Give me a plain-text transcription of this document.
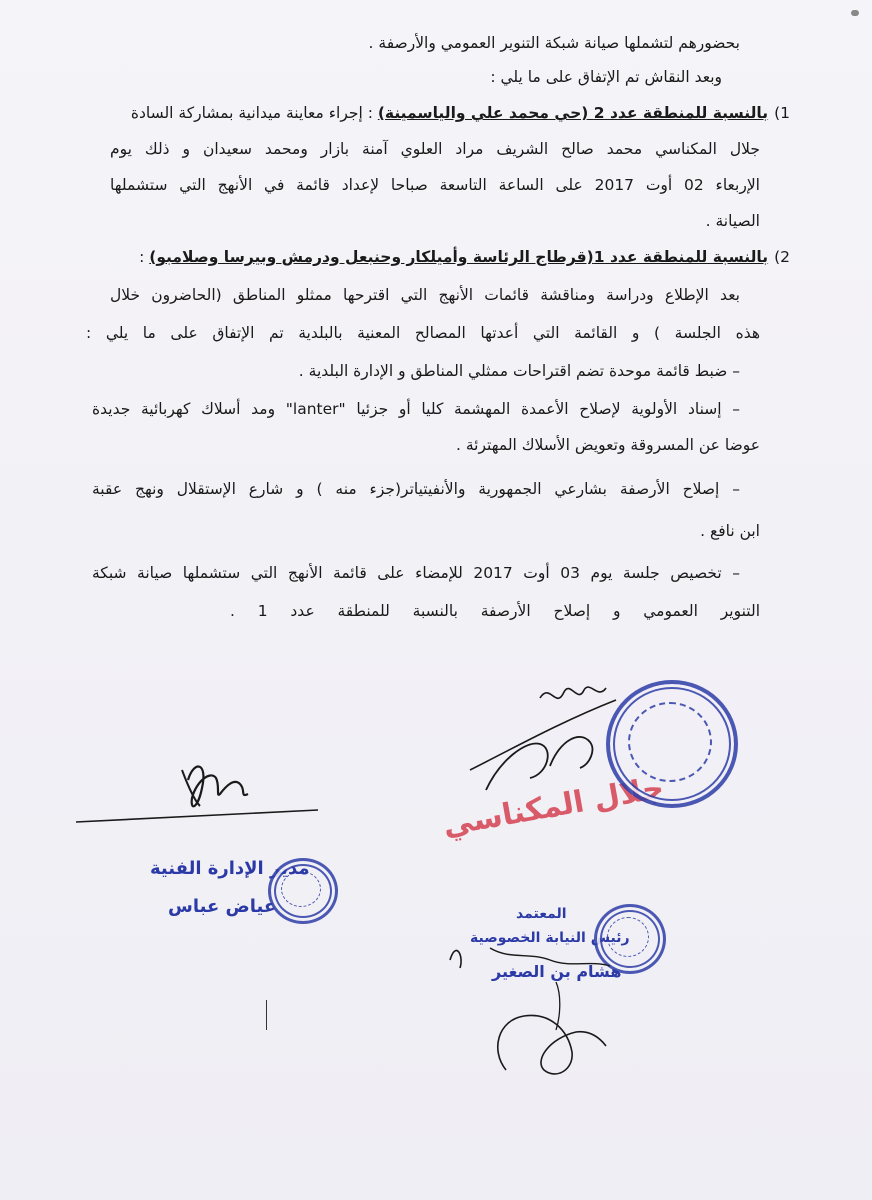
بحضورهم لتشملها صيانة شبكة التنوير العمومي والأرصفة .
وبعد النقاش تم الإتفاق على ما يلي :
1)بالنسبة للمنطقة عدد 2 (حي محمد علي والياسمينة) : إجراء معاينة ميدانية بمشاركة السادة
جلال المكناسي محمد صالح الشريف مراد العلوي آمنة بازار ومحمد سعيدان و ذلك يوم
الإربعاء 02 أوت 2017 على الساعة التاسعة صباحا لإعداد قائمة في الأنهج التي ستشملها
الصيانة .
2)بالنسبة للمنطقة عدد 1(قرطاج الرئاسة وأميلكار وحنبعل ودرمش وبيرسا وصلامبو) :
بعد الإطلاع ودراسة ومناقشة قائمات الأنهج التي اقترحها ممثلو المناطق (الحاضرون خلال
هذه الجلسة ) و القائمة التي أعدتها المصالح المعنية بالبلدية تم الإتفاق على ما يلي :
– ضبط قائمة موحدة تضم اقتراحات ممثلي المناطق و الإدارة البلدية .
– إسناد الأولوية لإصلاح الأعمدة المهشمة كليا أو جزئيا "lanter" ومد أسلاك كهربائية جديدة
عوضا عن المسروقة وتعويض الأسلاك المهترئة .
– إصلاح الأرصفة بشارعي الجمهورية والأنفيتياتر(جزء منه ) و شارع الإستقلال ونهج عقبة
ابن نافع .
– تخصيص جلسة يوم 03 أوت 2017 للإمضاء على قائمة الأنهج التي ستشملها صيانة شبكة
التنوير العمومي و إصلاح الأرصفة بالنسبة للمنطقة عدد 1 .
جلال المكناسي
مدير الإدارة الفنية
عياض عباس	المعتمد
رئيس النيابة الخصوصية
هشام بن الصغير
